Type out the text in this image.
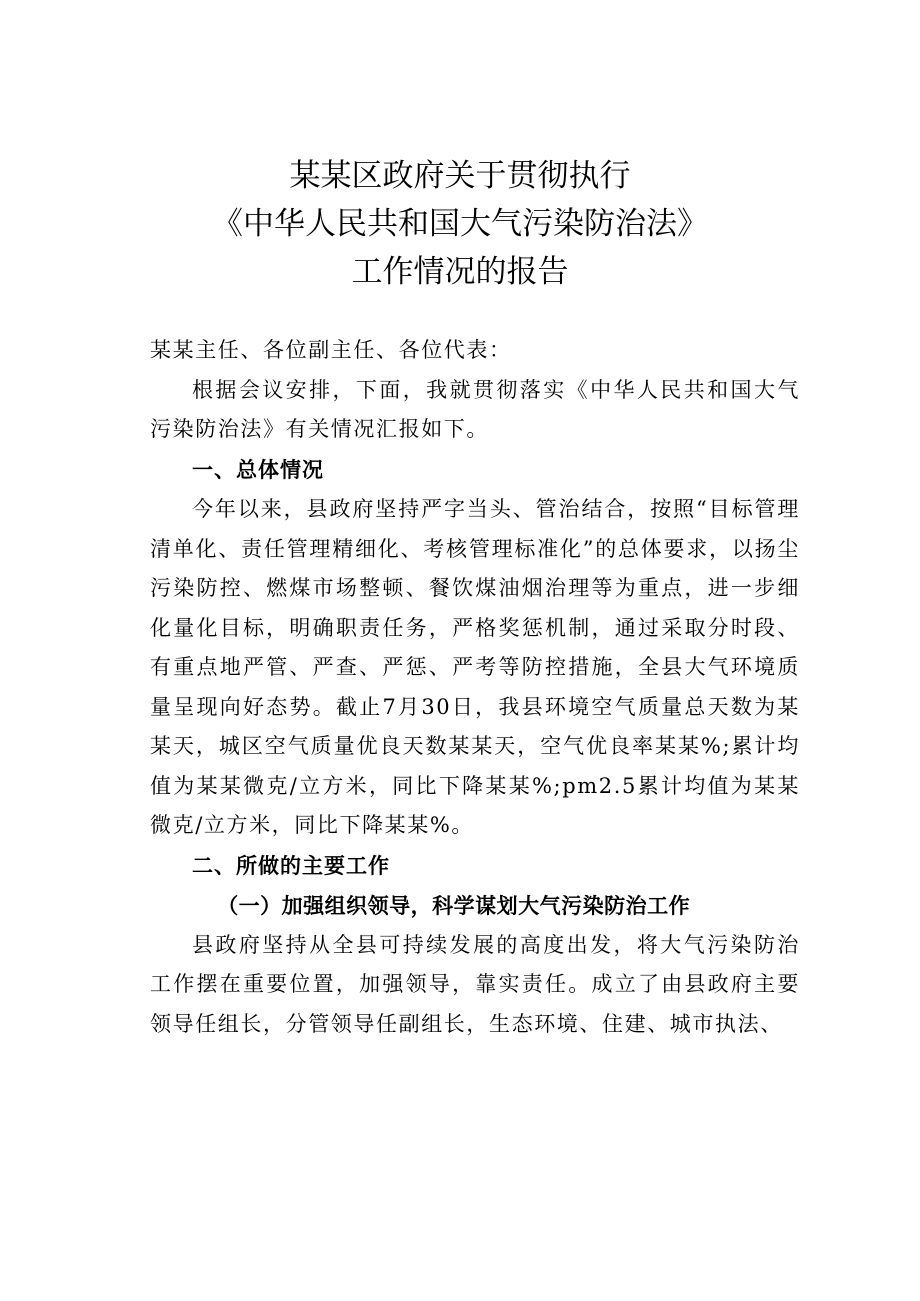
某某区政府关于贯彻执行
《中华人民共和国大气污染防治法》
工作情况的报告

某某主任、各位副主任、各位代表：

根据会议安排，下面，我就贯彻落实《中华人民共和国大气污染防治法》有关情况汇报如下。

一、总体情况

今年以来，县政府坚持严字当头、管治结合，按照“目标管理清单化、责任管理精细化、考核管理标准化”的总体要求，以扬尘污染防控、燃煤市场整顿、餐饮煤油烟治理等为重点，进一步细化量化目标，明确职责任务，严格奖惩机制，通过采取分时段、有重点地严管、严查、严惩、严考等防控措施，全县大气环境质量呈现向好态势。截止7月30日，我县环境空气质量总天数为某某天，城区空气质量优良天数某某天，空气优良率某某%;累计均值为某某微克/立方米，同比下降某某%;pm2.5累计均值为某某微克/立方米，同比下降某某%。

二、所做的主要工作

（一）加强组织领导，科学谋划大气污染防治工作

县政府坚持从全县可持续发展的高度出发，将大气污染防治工作摆在重要位置，加强领导，靠实责任。成立了由县政府主要领导任组长，分管领导任副组长，生态环境、住建、城市执法、
